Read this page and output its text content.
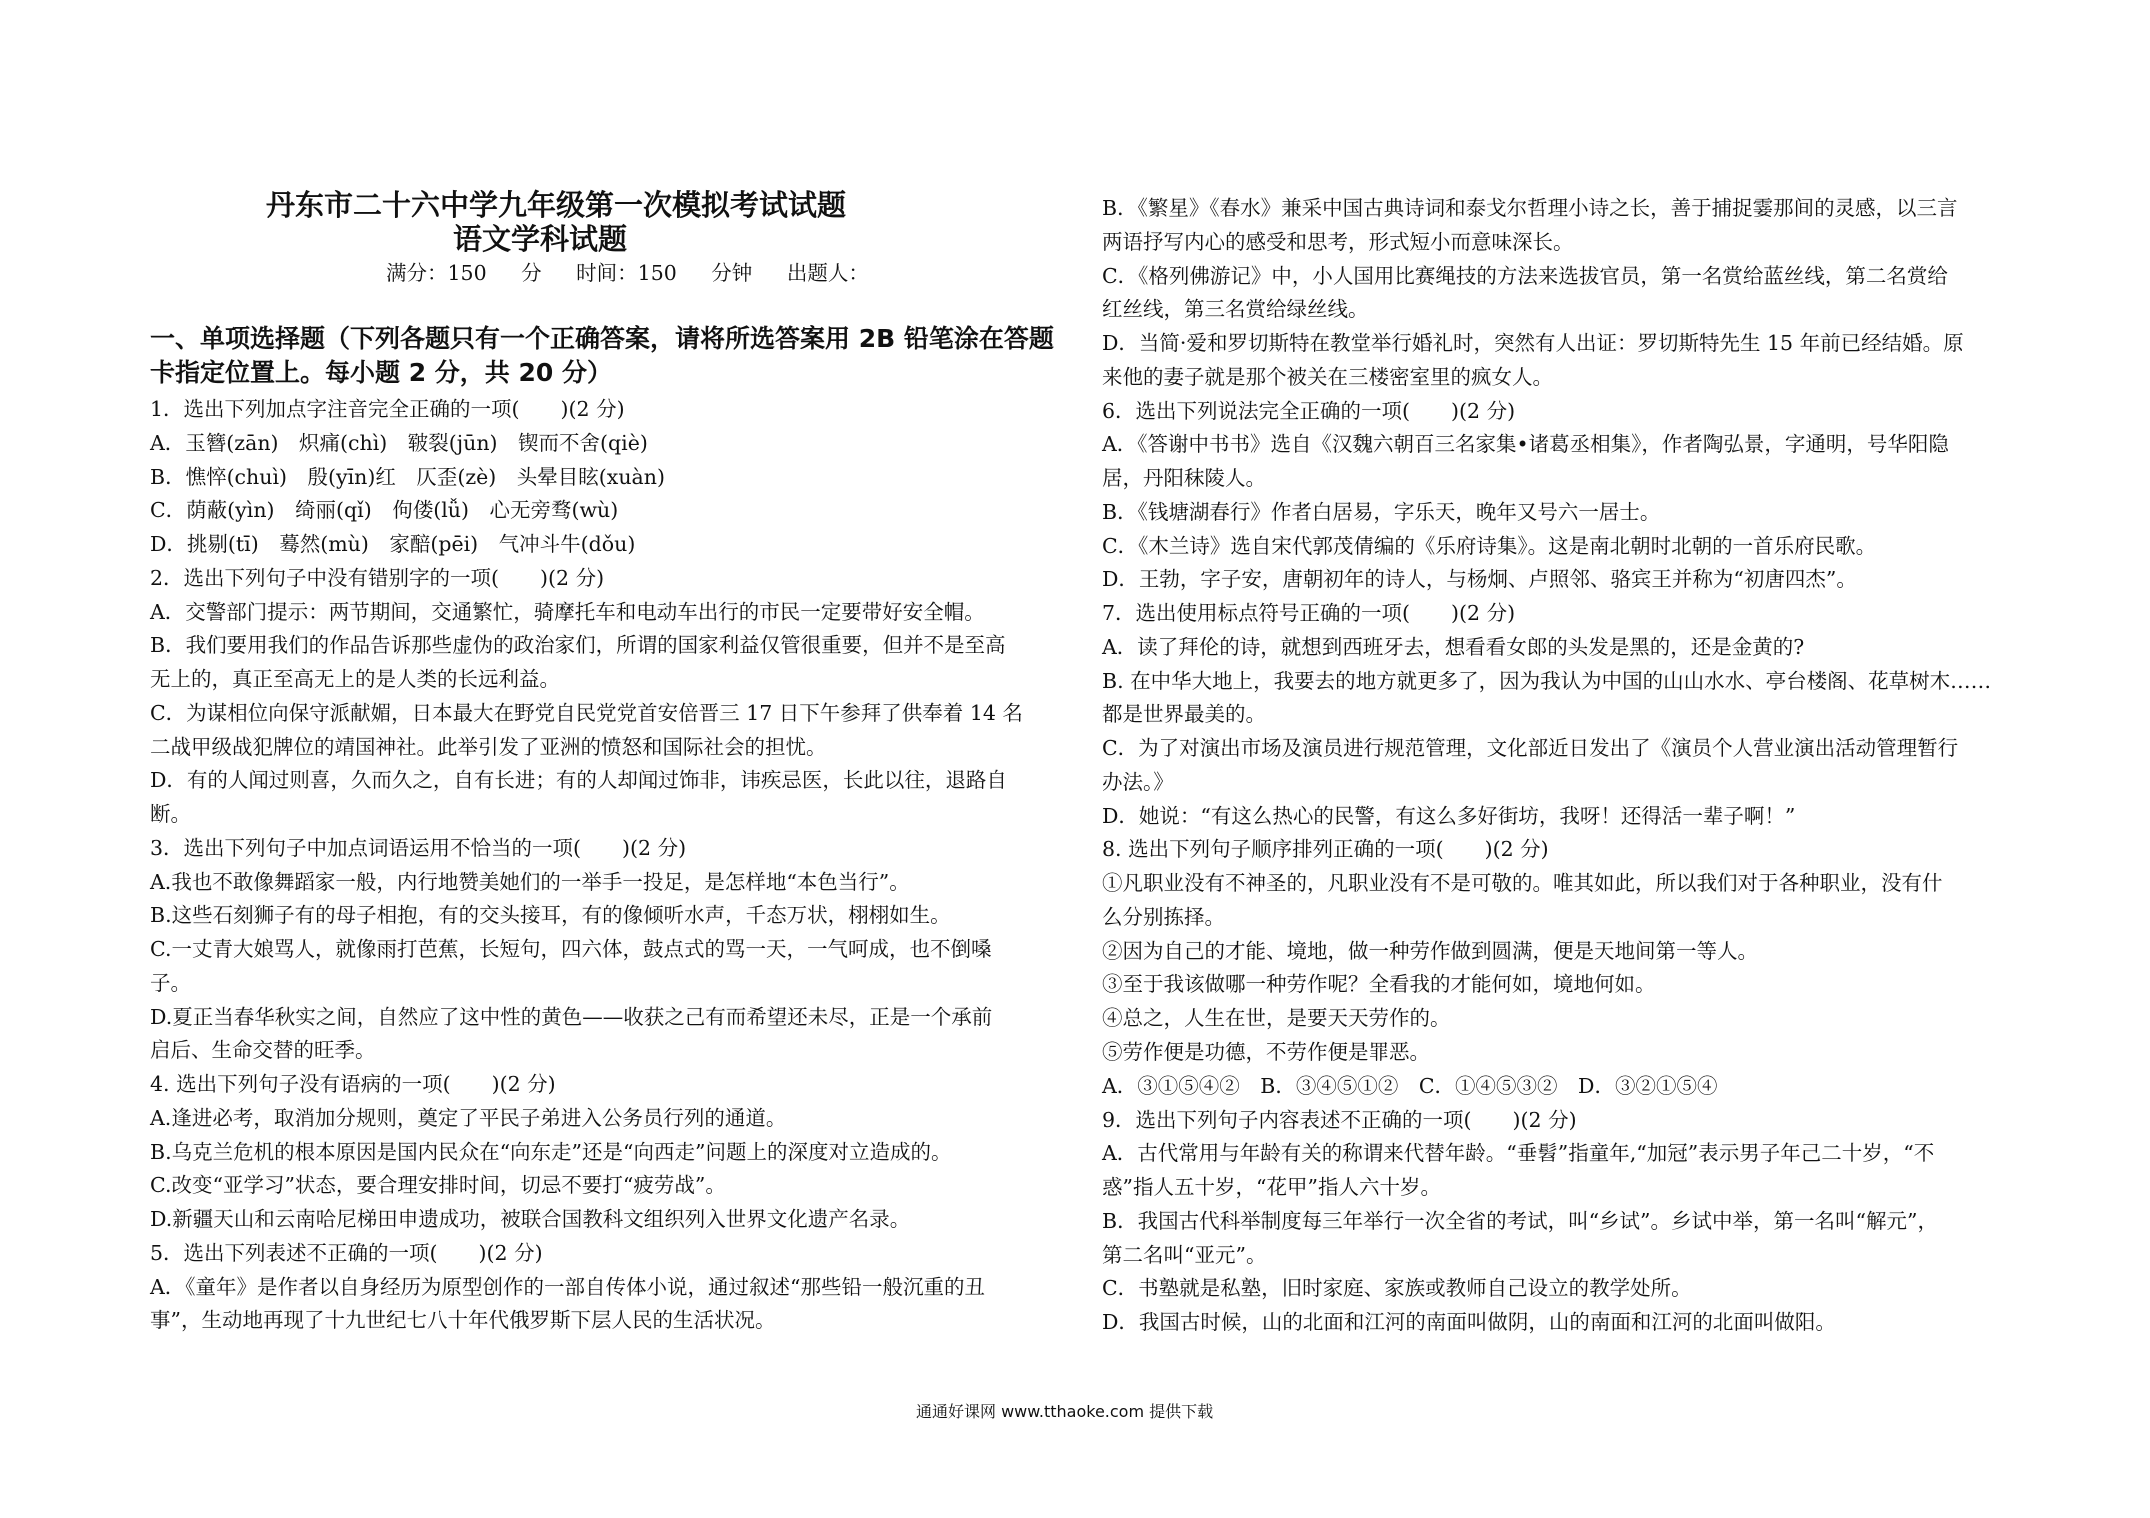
丹东市二十六中学九年级第一次模拟考试试题
语文学科试题
满分：150 分 时间：150 分钟 出题人：
一、单项选择题（下列各题只有一个正确答案，请将所选答案用 2B 铅笔涂在答题
卡指定位置上。每小题 2 分，共 20 分）
1．选出下列加点字注音完全正确的一项(　　)(2 分)
A．玉簪(zān)　炽痛(chì)　皲裂(jūn)　锲而不舍(qiè)
B．憔悴(chuì)　殷(yīn)红　仄歪(zè)　头晕目眩(xuàn)
C．荫蔽(yìn)　绮丽(qǐ)　佝偻(lǚ)　心无旁骛(wù)
D．挑剔(tī)　蓦然(mù)　家醅(pēi)　气冲斗牛(dǒu)
2．选出下列句子中没有错别字的一项(　　)(2 分)
A．交警部门提示：两节期间，交通繁忙，骑摩托车和电动车出行的市民一定要带好安全帽。
B．我们要用我们的作品告诉那些虚伪的政治家们，所谓的国家利益仅管很重要，但并不是至高
无上的，真正至高无上的是人类的长远利益。
C．为谋相位向保守派献媚，日本最大在野党自民党党首安倍晋三 17 日下午参拜了供奉着 14 名
二战甲级战犯牌位的靖国神社。此举引发了亚洲的愤怒和国际社会的担忧。
D．有的人闻过则喜，久而久之，自有长进；有的人却闻过饰非，讳疾忌医，长此以往，退路自
断。
3．选出下列句子中加点词语运用不恰当的一项(　　)(2 分)
A.我也不敢像舞蹈家一般，内行地赞美她们的一举手一投足，是怎样地“本色当行”。
B.这些石刻狮子有的母子相抱，有的交头接耳，有的像倾听水声，千态万状，栩栩如生。
C.一丈青大娘骂人，就像雨打芭蕉，长短句，四六体，鼓点式的骂一天，一气呵成，也不倒嗓
子。
D.夏正当春华秋实之间，自然应了这中性的黄色——收获之己有而希望还未尽，正是一个承前
启后、生命交替的旺季。
4. 选出下列句子没有语病的一项(　　)(2 分)
A.逢进必考，取消加分规则，奠定了平民子弟进入公务员行列的通道。
B.乌克兰危机的根本原因是国内民众在“向东走”还是“向西走”问题上的深度对立造成的。
C.改变“亚学习”状态，要合理安排时间，切忌不要打“疲劳战”。
D.新疆天山和云南哈尼梯田申遗成功，被联合国教科文组织列入世界文化遗产名录。
5．选出下列表述不正确的一项(　　)(2 分)
A．《童年》是作者以自身经历为原型创作的一部自传体小说，通过叙述“那些铅一般沉重的丑
事”，生动地再现了十九世纪七八十年代俄罗斯下层人民的生活状况。
B．《繁星》《春水》兼采中国古典诗词和泰戈尔哲理小诗之长，善于捕捉霎那间的灵感，以三言
两语抒写内心的感受和思考，形式短小而意味深长。
C．《格列佛游记》中，小人国用比赛绳技的方法来选拔官员，第一名赏给蓝丝线，第二名赏给
红丝线，第三名赏给绿丝线。
D．当简·爱和罗切斯特在教堂举行婚礼时，突然有人出证：罗切斯特先生 15 年前已经结婚。原
来他的妻子就是那个被关在三楼密室里的疯女人。
6．选出下列说法完全正确的一项(　　)(2 分)
A．《答谢中书书》选自《汉魏六朝百三名家集•诸葛丞相集》，作者陶弘景，字通明，号华阳隐
居，丹阳秣陵人。
B．《钱塘湖春行》作者白居易，字乐天，晚年又号六一居士。
C．《木兰诗》选自宋代郭茂倩编的《乐府诗集》。这是南北朝时北朝的一首乐府民歌。
D．王勃，字子安，唐朝初年的诗人，与杨炯、卢照邻、骆宾王并称为“初唐四杰”。
7．选出使用标点符号正确的一项(　　)(2 分)
A．读了拜伦的诗，就想到西班牙去，想看看女郎的头发是黑的，还是金黄的?
B. 在中华大地上，我要去的地方就更多了，因为我认为中国的山山水水、亭台楼阁、花草树木……
都是世界最美的。
C．为了对演出市场及演员进行规范管理，文化部近日发出了《演员个人营业演出活动管理暂行
办法。》
D．她说：“有这么热心的民警，有这么多好街坊，我呀！还得活一辈子啊！”
8. 选出下列句子顺序排列正确的一项(　　)(2 分)
①凡职业没有不神圣的，凡职业没有不是可敬的。唯其如此，所以我们对于各种职业，没有什
么分别拣择。
②因为自己的才能、境地，做一种劳作做到圆满，便是天地间第一等人。
③至于我该做哪一种劳作呢？全看我的才能何如，境地何如。
④总之，人生在世，是要天天劳作的。
⑤劳作便是功德，不劳作便是罪恶。
A．③①⑤④②　B．③④⑤①②　C．①④⑤③②　D．③②①⑤④
9．选出下列句子内容表述不正确的一项(　　)(2 分)
A．古代常用与年龄有关的称谓来代替年龄。“垂髫”指童年,“加冠”表示男子年己二十岁，“不
惑”指人五十岁，“花甲”指人六十岁。
B．我国古代科举制度每三年举行一次全省的考试，叫“乡试”。乡试中举，第一名叫“解元”，
第二名叫“亚元”。
C．书塾就是私塾，旧时家庭、家族或教师自己设立的教学处所。
D．我国古时候，山的北面和江河的南面叫做阴，山的南面和江河的北面叫做阳。
通通好课网 www.tthaoke.com 提供下载
